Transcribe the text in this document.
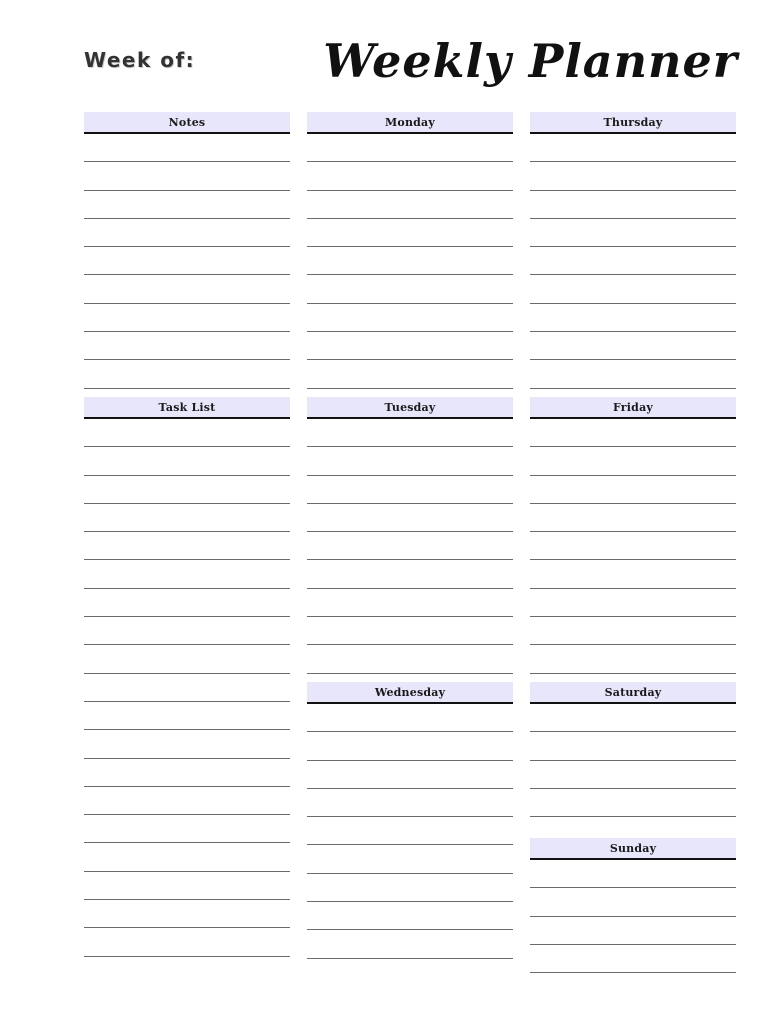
Week of:	Weekly Planner
Notes
Task List
Monday
Tuesday
Wednesday
Thursday
Friday
Saturday
Sunday
